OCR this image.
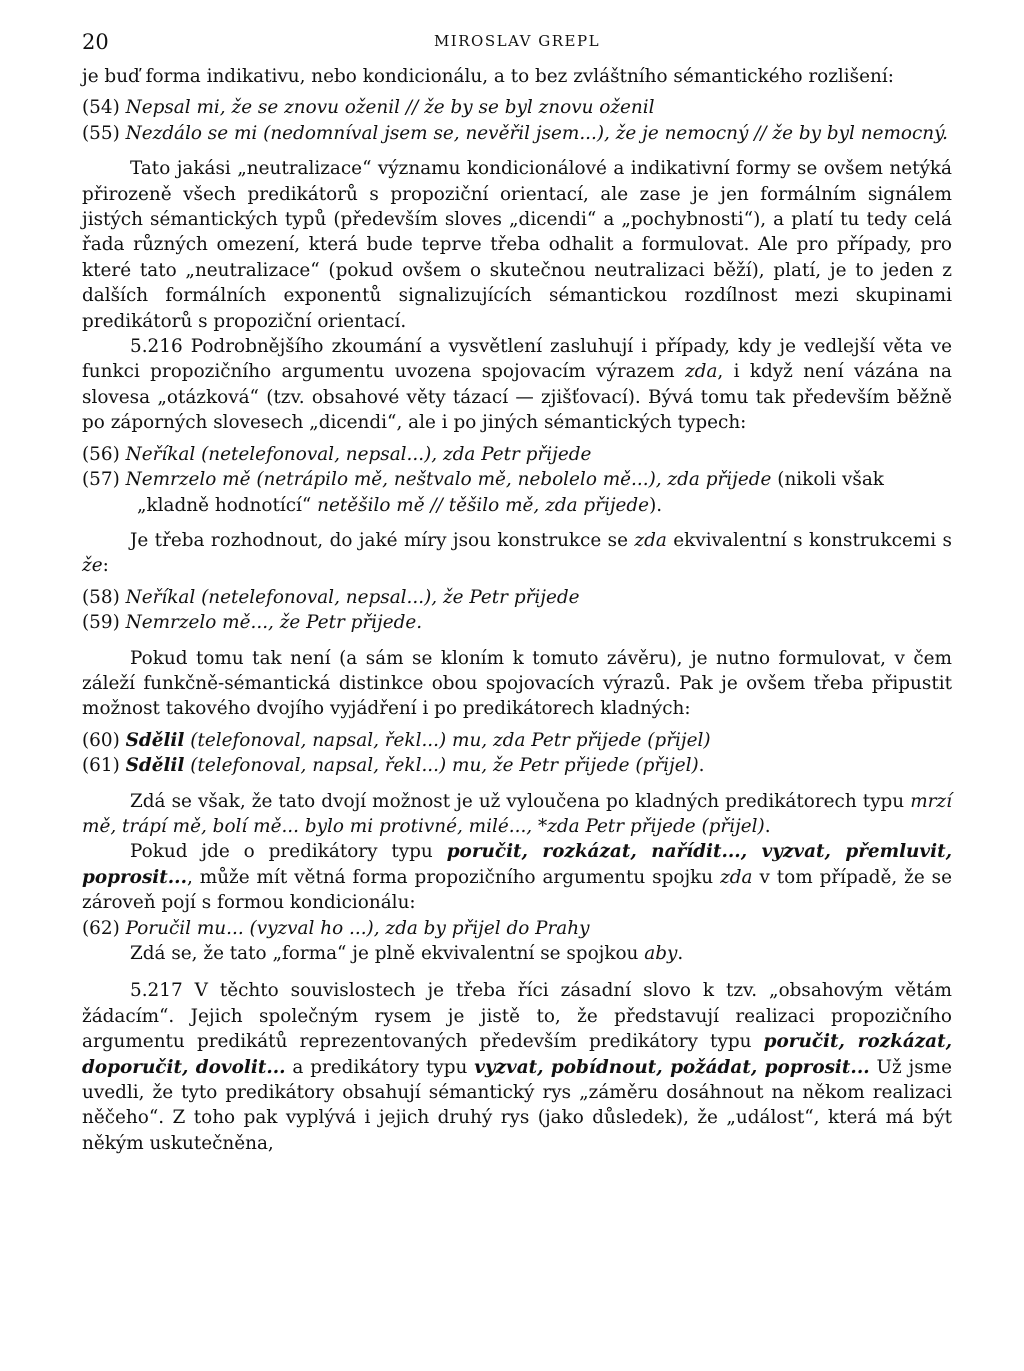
20	MIROSLAV GREPL

je buď forma indikativu, nebo kondicionálu, a to bez zvláštního sémantického rozlišení:

(54) Nepsal mi, že se znovu oženil // že by se byl znovu oženil

(55) Nezdálo se mi (nedomníval jsem se, nevěřil jsem...), že je nemocný // že by byl nemocný.

Tato jakási „neutralizace“ významu kondicionálové a indikativní formy se ovšem netýká přirozeně všech predikátorů s propoziční orientací, ale zase je jen formálním signálem jistých sémantických typů (především sloves „dicendi“ a „pochybnosti“), a platí tu tedy celá řada různých omezení, která bude teprve třeba odhalit a formulovat. Ale pro případy, pro které tato „neutralizace“ (pokud ovšem o skutečnou neutralizaci běží), platí, je to jeden z dalších formálních exponentů signalizujících sémantickou rozdílnost mezi skupinami predikátorů s propoziční orientací.

5.216 Podrobnějšího zkoumání a vysvětlení zasluhují i případy, kdy je vedlejší věta ve funkci propozičního argumentu uvozena spojovacím výrazem zda, i když není vázána na slovesa „otázková“ (tzv. obsahové věty tázací — zjišťovací). Bývá tomu tak především běžně po záporných slovesech „dicendi“, ale i po jiných sémantických typech:

(56) Neříkal (netelefonoval, nepsal...), zda Petr přijede

(57) Nemrzelo mě (netrápilo mě, neštvalo mě, nebolelo mě...), zda přijede (nikoli však „kladně hodnotící“ netěšilo mě // těšilo mě, zda přijede).

Je třeba rozhodnout, do jaké míry jsou konstrukce se zda ekvivalentní s konstrukcemi s že:

(58) Neříkal (netelefonoval, nepsal...), že Petr přijede

(59) Nemrzelo mě..., že Petr přijede.

Pokud tomu tak není (a sám se kloním k tomuto závěru), je nutno formulovat, v čem záleží funkčně-sémantická distinkce obou spojovacích výrazů. Pak je ovšem třeba připustit možnost takového dvojího vyjádření i po predikátorech kladných:

(60) Sdělil (telefonoval, napsal, řekl...) mu, zda Petr přijede (přijel)

(61) Sdělil (telefonoval, napsal, řekl...) mu, že Petr přijede (přijel).

Zdá se však, že tato dvojí možnost je už vyloučena po kladných predikátorech typu mrzí mě, trápí mě, bolí mě... bylo mi protivné, milé..., *zda Petr přijede (přijel).

Pokud jde o predikátory typu poručit, rozkázat, nařídit..., vyzvat, přemluvit, poprosit..., může mít větná forma propozičního argumentu spojku zda v tom případě, že se zároveň pojí s formou kondicionálu:

(62) Poručil mu... (vyzval ho ...), zda by přijel do Prahy

Zdá se, že tato „forma“ je plně ekvivalentní se spojkou aby.

5.217 V těchto souvislostech je třeba říci zásadní slovo k tzv. „obsahovým větám žádacím“. Jejich společným rysem je jistě to, že představují realizaci propozičního argumentu predikátů reprezentovaných především predikátory typu poručit, rozkázat, doporučit, dovolit... a predikátory typu vyzvat, pobídnout, požádat, poprosit... Už jsme uvedli, že tyto predikátory obsahují sémantický rys „záměru dosáhnout na někom realizaci něčeho“. Z toho pak vyplývá i jejich druhý rys (jako důsledek), že „událost“, která má být někým uskutečněna,
